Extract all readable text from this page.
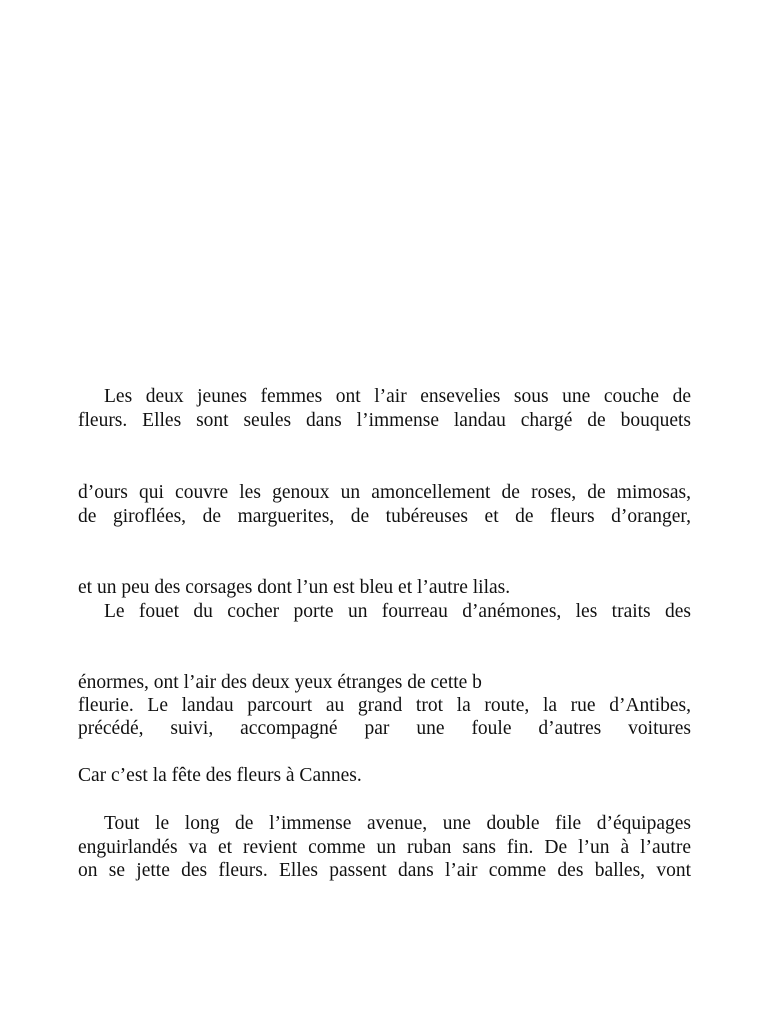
Les deux jeunes femmes ont l’air ensevelies sous une couche de
fleurs. Elles sont seules dans l’immense landau chargé de bouquets
d’ours qui couvre les genoux un amoncellement de roses, de mimosas,
de giroflées, de marguerites, de tubéreuses et de fleurs d’oranger,
et un peu des corsages dont l’un est bleu et l’autre lilas.
Le fouet du cocher porte un fourreau d’anémones, les traits des
énormes, ont l’air des deux yeux étranges de cette b
fleurie. Le landau parcourt au grand trot la route, la rue d’Antibes,
précédé, suivi, accompagné par une foule d’autres voitures
Car c’est la fête des fleurs à Cannes.
Tout le long de l’immense avenue, une double file d’équipages
enguirlandés va et revient comme un ruban sans fin. De l’un à l’autre
on se jette des fleurs. Elles passent dans l’air comme des balles, vont
